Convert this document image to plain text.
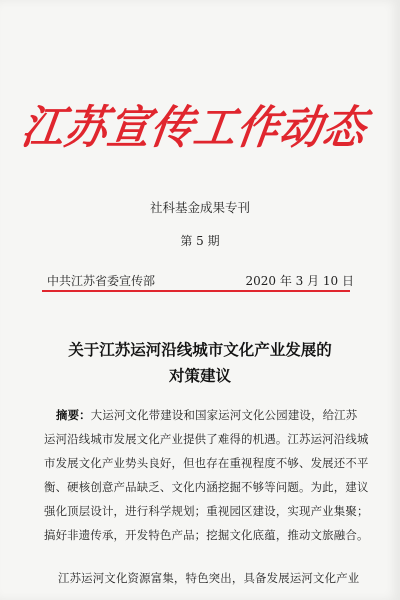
江苏宣传工作动态
社科基金成果专刊
第 5 期
中共江苏省委宣传部	2020 年 3 月 10 日
关于江苏运河沿线城市文化产业发展的
对策建议
摘要：大运河文化带建设和国家运河文化公园建设，给江苏
运河沿线城市发展文化产业提供了难得的机遇。江苏运河沿线城
市发展文化产业势头良好，但也存在重视程度不够、发展还不平
衡、硬核创意产品缺乏、文化内涵挖掘不够等问题。为此，建议
强化顶层设计，进行科学规划；重视园区建设，实现产业集聚；
搞好非遗传承，开发特色产品；挖掘文化底蕴，推动文旅融合。
江苏运河文化资源富集，特色突出，具备发展运河文化产业
